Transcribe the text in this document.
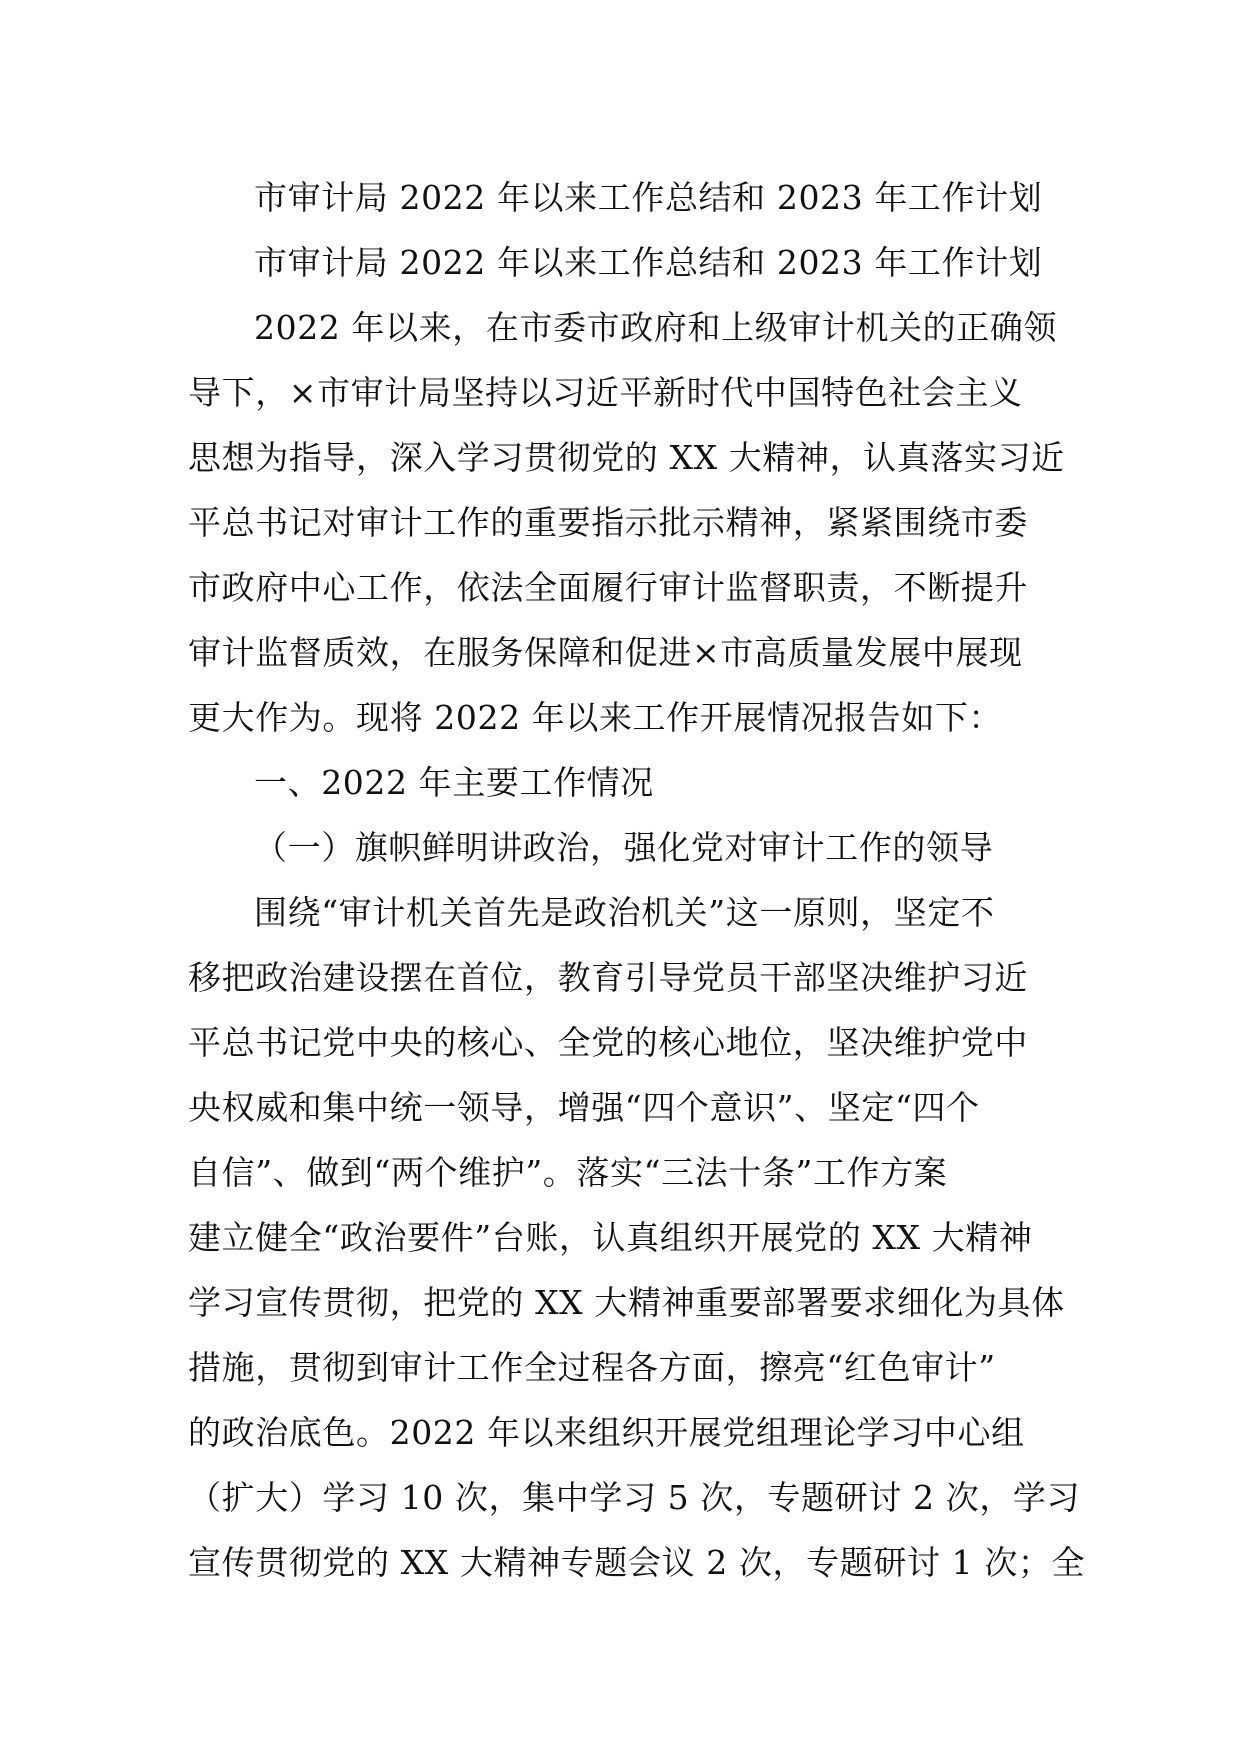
市审计局 2022 年以来工作总结和 2023 年工作计划
市审计局 2022 年以来工作总结和 2023 年工作计划
2022 年以来，在市委市政府和上级审计机关的正确领
导下，×市审计局坚持以习近平新时代中国特色社会主义
思想为指导，深入学习贯彻党的 XX 大精神，认真落实习近
平总书记对审计工作的重要指示批示精神，紧紧围绕市委
市政府中心工作，依法全面履行审计监督职责，不断提升
审计监督质效，在服务保障和促进×市高质量发展中展现
更大作为。现将 2022 年以来工作开展情况报告如下：
一、2022 年主要工作情况
（一）旗帜鲜明讲政治，强化党对审计工作的领导
围绕“审计机关首先是政治机关”这一原则，坚定不
移把政治建设摆在首位，教育引导党员干部坚决维护习近
平总书记党中央的核心、全党的核心地位，坚决维护党中
央权威和集中统一领导，增强“四个意识”、坚定“四个
自信”、做到“两个维护”。落实“三法十条”工作方案
建立健全“政治要件”台账，认真组织开展党的 XX 大精神
学习宣传贯彻，把党的 XX 大精神重要部署要求细化为具体
措施，贯彻到审计工作全过程各方面，擦亮“红色审计”
的政治底色。2022 年以来组织开展党组理论学习中心组
（扩大）学习 10 次，集中学习 5 次，专题研讨 2 次，学习
宣传贯彻党的 XX 大精神专题会议 2 次，专题研讨 1 次；全
